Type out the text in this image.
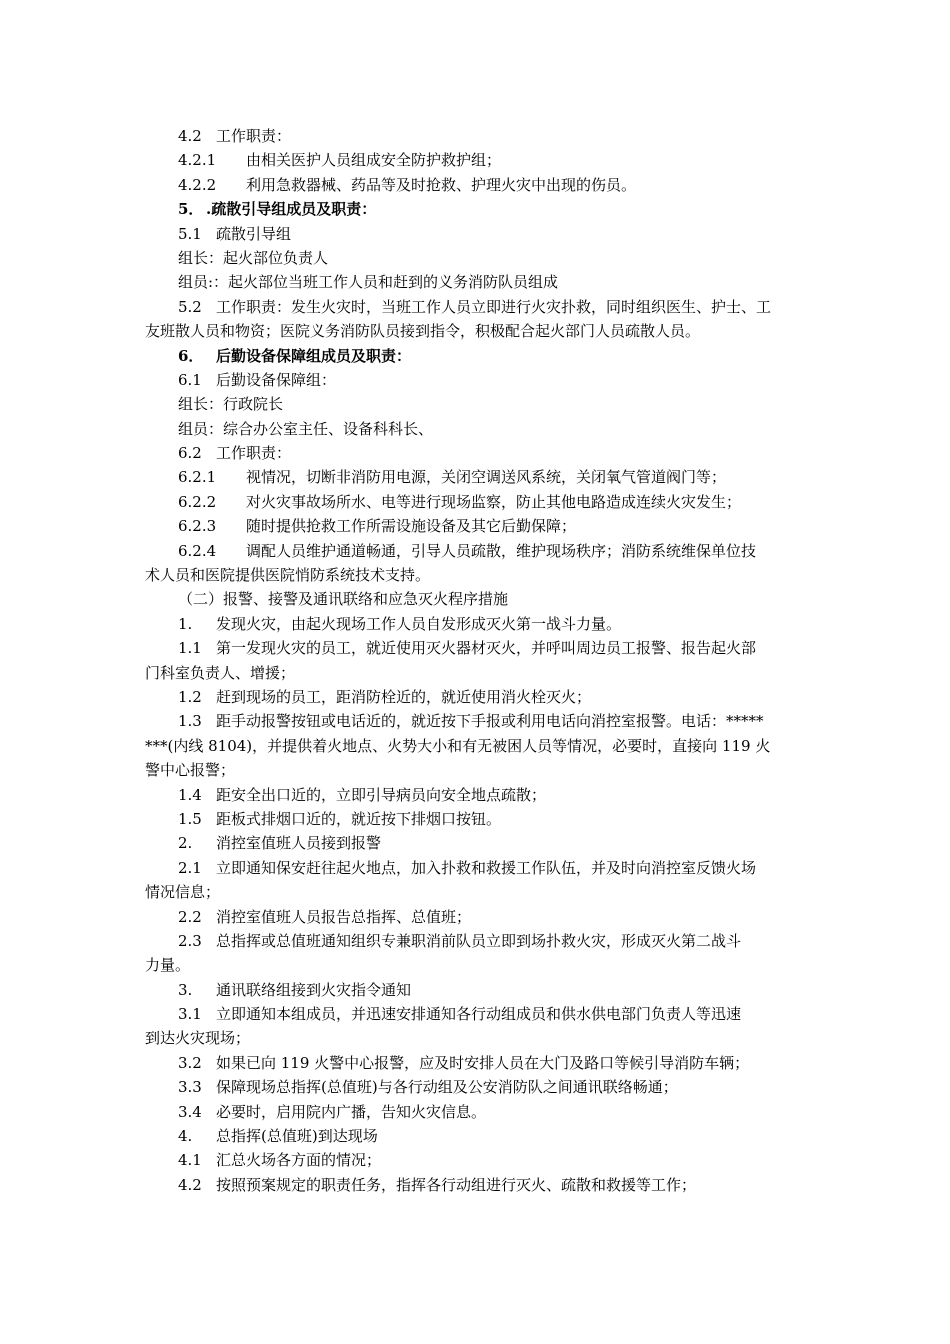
4.2 工作职责：
4.2.1 由相关医护人员组成安全防护救护组；
4.2.2 利用急救器械、药品等及时抢救、护理火灾中出现的伤员。
5． .疏散引导组成员及职责：
5.1 疏散引导组
组长：起火部位负责人
组员:：起火部位当班工作人员和赶到的义务消防队员组成
5.2 工作职责：发生火灾时，当班工作人员立即进行火灾扑救，同时组织医生、护士、工
友班散人员和物资；医院义务消防队员接到指令，积极配合起火部门人员疏散人员。
6． 后勤设备保障组成员及职责：
6.1 后勤设备保障组：
组长：行政院长
组员：综合办公室主任、设备科科长、
6.2 工作职责：
6.2.1 视情况，切断非消防用电源，关闭空调送风系统，关闭氧气管道阀门等；
6.2.2 对火灾事故场所水、电等进行现场监察，防止其他电路造成连续火灾发生；
6.2.3 随时提供抢救工作所需设施设备及其它后勤保障；
6.2.4 调配人员维护通道畅通，引导人员疏散，维护现场秩序；消防系统维保单位技
术人员和医院提供医院悄防系统技术支持。
（二）报警、接警及通讯联络和应急灭火程序措施
1. 发现火灾，由起火现场工作人员自发形成灭火第一战斗力量。
1.1 第一发现火灾的员工，就近使用灭火器材灭火，并呼叫周边员工报警、报告起火部
门科室负责人、增援；
1.2 赶到现场的员工，距消防栓近的，就近使用消火栓灭火；
1.3 距手动报警按钮或电话近的，就近按下手报或利用电话向消控室报警。电话：*****
***(内线 8104)，并提供着火地点、火势大小和有无被困人员等情况，必要时，直接向 119 火
警中心报警；
1.4 距安全出口近的，立即引导病员向安全地点疏散；
1.5 距板式排烟口近的，就近按下排烟口按钮。
2. 消控室值班人员接到报警
2.1 立即通知保安赶往起火地点，加入扑救和救援工作队伍，并及时向消控室反馈火场
情况信息；
2.2 消控室值班人员报告总指挥、总值班；
2.3 总指挥或总值班通知组织专兼职消前队员立即到场扑救火灾，形成灭火第二战斗
力量。
3. 通讯联络组接到火灾指令通知
3.1 立即通知本组成员，并迅速安排通知各行动组成员和供水供电部门负责人等迅速
到达火灾现场；
3.2 如果已向 119 火警中心报警，应及时安排人员在大门及路口等候引导消防车辆；
3.3 保障现场总指挥(总值班)与各行动组及公安消防队之间通讯联络畅通；
3.4 必要时，启用院内广播，告知火灾信息。
4. 总指挥(总值班)到达现场
4.1 汇总火场各方面的情况；
4.2 按照预案规定的职责任务，指挥各行动组进行灭火、疏散和救援等工作；
